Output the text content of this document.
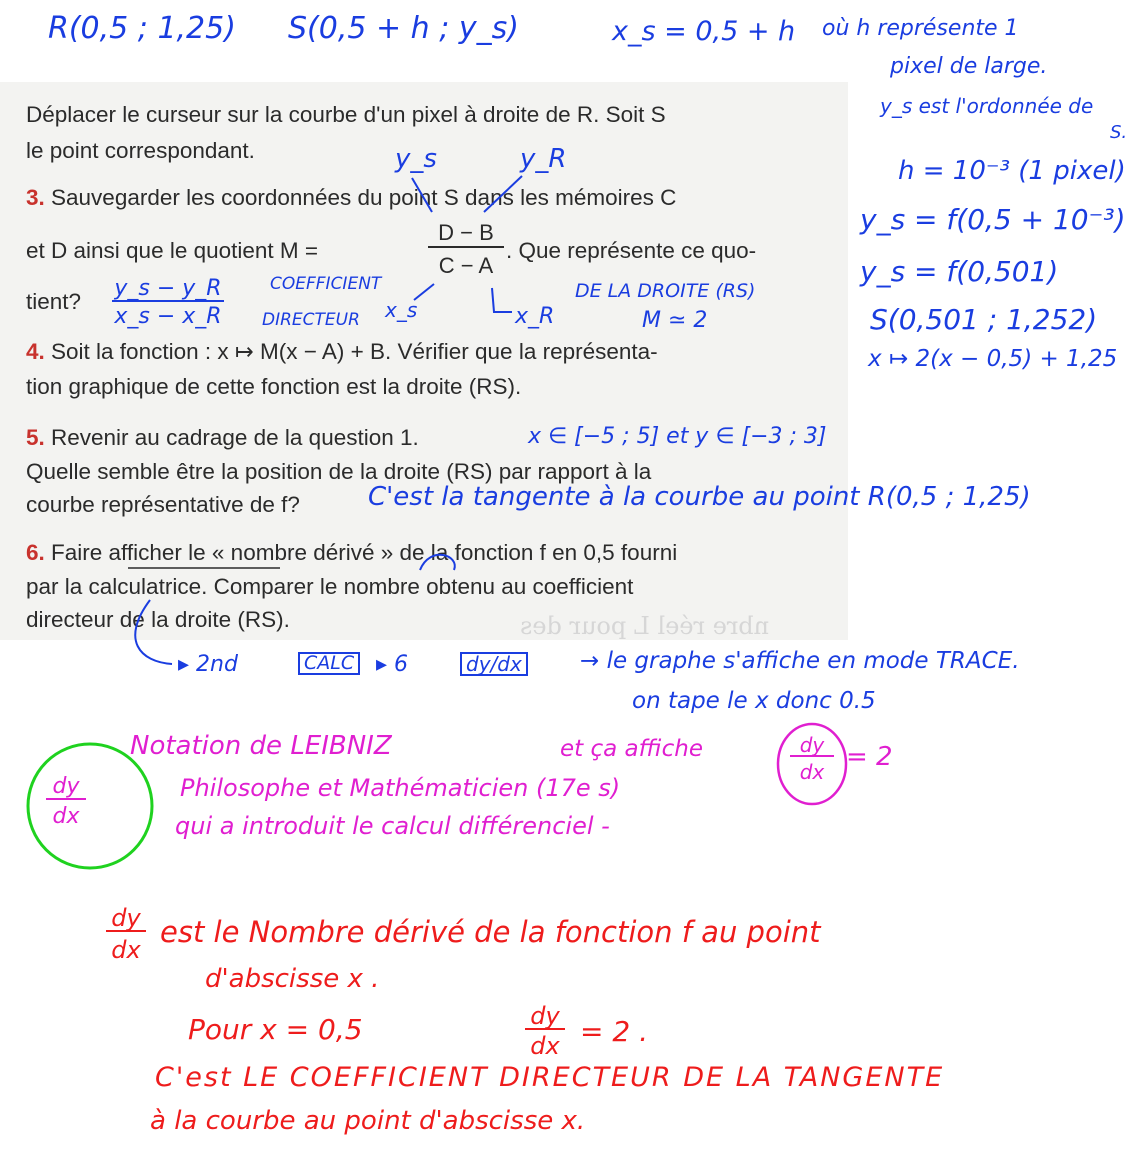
nbre réel L pour des
Déplacer le curseur sur la courbe d'un pixel à droite de R. Soit S
le point correspondant.
3. Sauvegarder les coordonnées du point S dans les mémoires C
et D ainsi que le quotient M =
D − B
C − A
. Que représente ce quo-
tient?
4. Soit la fonction : x ↦ M(x − A) + B. Vérifier que la représenta-
tion graphique de cette fonction est la droite (RS).
5. Revenir au cadrage de la question 1.
Quelle semble être la position de la droite (RS) par rapport à la
courbe représentative de f?
6. Faire afficher le « nombre dérivé » de la fonction f en 0,5 fourni
par la calculatrice. Comparer le nombre obtenu au coefficient
directeur de la droite (RS).
R(0,5 ; 1,25) S(0,5 + h ; y_s)	x_s = 0,5 + h où h représente 1
pixel de large.
y_s est l'ordonnée de
S.
h = 10⁻³ (1 pixel)
y_s = f(0,5 + 10⁻³)
y_s = f(0,501)
S(0,501 ; 1,252)
x ↦ 2(x − 0,5) + 1,25
y_s	y_R
y_s − y_R
x_s − x_R
COEFFICIENT
DIRECTEUR x_s	x_R
DE LA DROITE (RS)
M ≃ 2
x ∈ [−5 ; 5] et y ∈ [−3 ; 3]
C'est la tangente à la courbe au point R(0,5 ; 1,25)
▸ 2nd	CALC ▸ 6	dy/dx	→ le graphe s'affiche en mode TRACE.
on tape le x donc 0.5
et ça affiche	dy
dx = 2
dy
dx
Notation de LEIBNIZ
Philosophe et Mathématicien (17e s)
qui a introduit le calcul différenciel -
dy
dx
est le Nombre dérivé de la fonction f au point
d'abscisse x .
Pour x = 0,5	dy
dx = 2 .
C'est LE COEFFICIENT DIRECTEUR DE LA TANGENTE
à la courbe au point d'abscisse x.
